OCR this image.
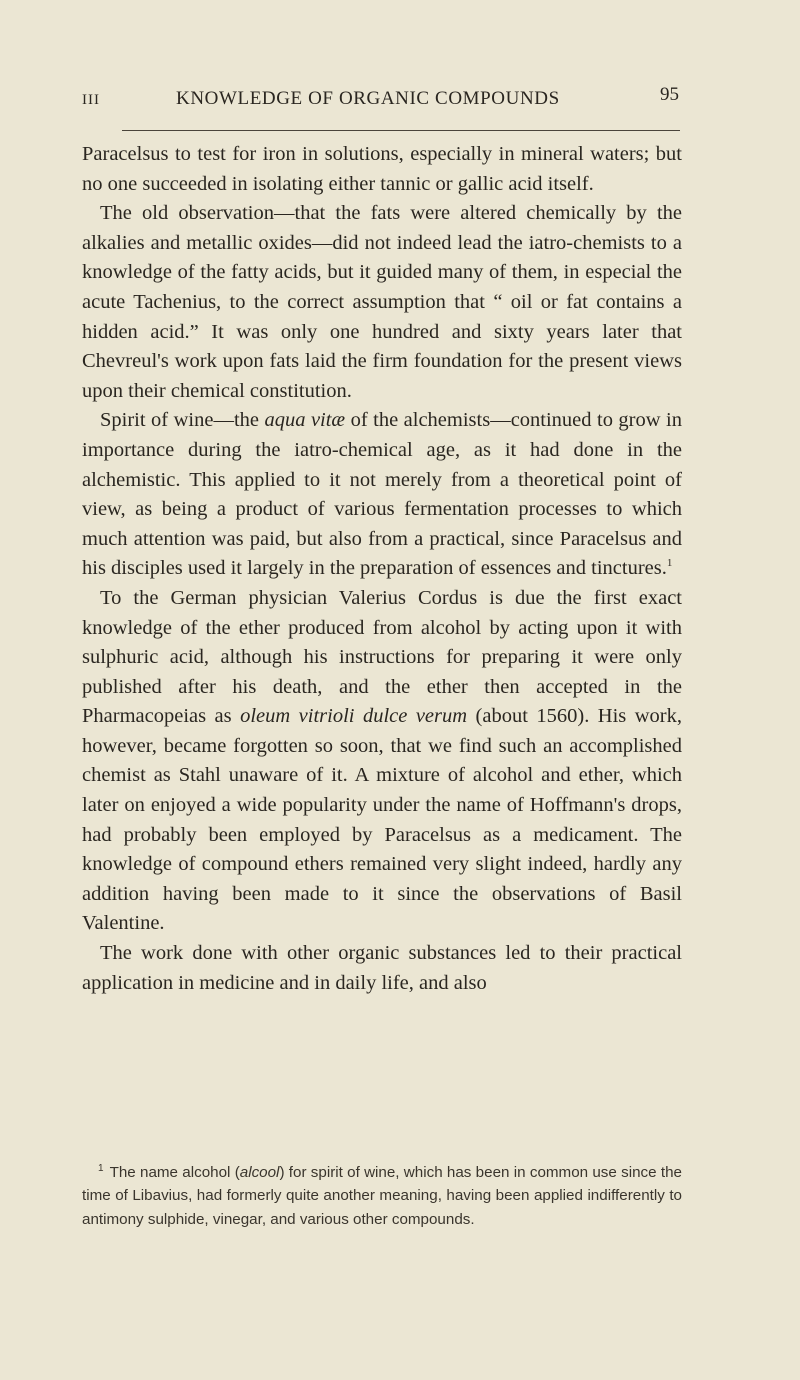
III	KNOWLEDGE OF ORGANIC COMPOUNDS	95

Paracelsus to test for iron in solutions, especially in mineral waters; but no one succeeded in isolating either tannic or gallic acid itself.

The old observation—that the fats were altered chemically by the alkalies and metallic oxides—did not indeed lead the iatro-chemists to a knowledge of the fatty acids, but it guided many of them, in especial the acute Tachenius, to the correct assumption that “ oil or fat contains a hidden acid.” It was only one hundred and sixty years later that Chevreul's work upon fats laid the firm foundation for the present views upon their chemical constitution.

Spirit of wine—the aqua vitæ of the alchemists—continued to grow in importance during the iatro-chemical age, as it had done in the alchemistic. This applied to it not merely from a theoretical point of view, as being a product of various fermentation processes to which much attention was paid, but also from a practical, since Paracelsus and his disciples used it largely in the preparation of essences and tinctures.$^1$

To the German physician Valerius Cordus is due the first exact knowledge of the ether produced from alcohol by acting upon it with sulphuric acid, although his instructions for preparing it were only published after his death, and the ether then accepted in the Pharmacopeias as oleum vitrioli dulce verum (about 1560). His work, however, became forgotten so soon, that we find such an accomplished chemist as Stahl unaware of it. A mixture of alcohol and ether, which later on enjoyed a wide popularity under the name of Hoffmann's drops, had probably been employed by Paracelsus as a medicament. The knowledge of compound ethers remained very slight indeed, hardly any addition having been made to it since the observations of Basil Valentine.

The work done with other organic substances led to their practical application in medicine and in daily life, and also

$^1$ The name alcohol (alcool) for spirit of wine, which has been in common use since the time of Libavius, had formerly quite another meaning, having been applied indifferently to antimony sulphide, vinegar, and various other compounds.
